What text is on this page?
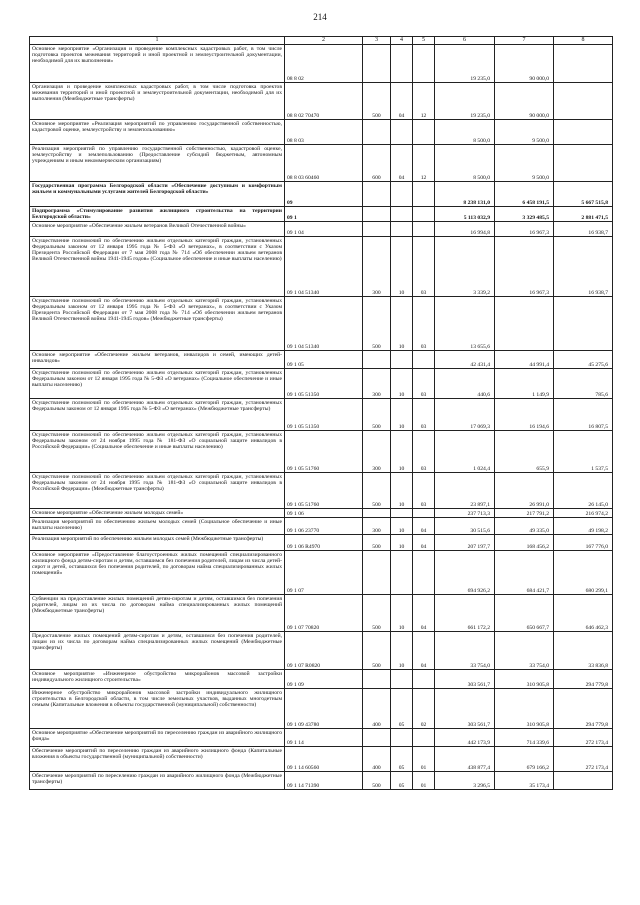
214
1	2	3	4	5	6	7	8
Основное мероприятие «Организация и проведение комплексных кадастровых работ, в том числе подготовка проектов межевания территорий и иной проектной и землеустроительной документации, необходимой для их выполнения»	08 8 02				19 235,0	90 000,0	
Организация и проведение комплексных кадастровых работ, в том числе подготовка проектов межевания территорий и иной проектной и землеустроительной документации, необходимой для их выполнения (Межбюджетные трансферты)	08 8 02 70470	500	04	12	19 235,0	90 000,0	
Основное мероприятие «Реализация мероприятий по управлению государственной собственностью, кадастровой оценке, землеустройству и землепользованию»	08 8 03				8 500,0	9 500,0	
Реализация мероприятий по управлению государственной собственностью, кадастровой оценке, землеустройству и землепользованию (Предоставление субсидий бюджетным, автономным учреждениям и иным некоммерческим организациям)	08 8 03 60460	600	04	12	8 500,0	9 500,0	
Государственная программа Белгородской области «Обеспечение доступным и комфортным жильем и коммунальными услугами жителей Белгородской области»	09				8 238 131,0	6 458 191,5	5 667 515,8
Подпрограмма «Стимулирование развития жилищного строительства на территории Белгородской области»	09 1				5 113 032,9	3 329 485,5	2 881 471,5
Основное мероприятие «Обеспечение жильем ветеранов Великой Отечественной войны»	09 1 04				16 994,8	16 967,3	16 938,7
Осуществление полномочий по обеспечению жильем отдельных категорий граждан, установленных Федеральным законом от 12 января 1995 года № 5-ФЗ «О ветеранах», в соответствии с Указом Президента Российской Федерации от 7 мая 2008 года № 714 «Об обеспечении жильем ветеранов Великой Отечественной войны 1941-1945 годов» (Социальное обеспечение и иные выплаты населению)	09 1 04 51340	300	10	03	3 339,2	16 967,3	16 938,7
Осуществление полномочий по обеспечению жильем отдельных категорий граждан, установленных Федеральным законом от 12 января 1995 года № 5-ФЗ «О ветеранах», в соответствии с Указом Президента Российской Федерации от 7 мая 2008 года № 714 «Об обеспечении жильем ветеранов Великой Отечественной войны 1941-1945 годов» (Межбюджетные трансферты)	09 1 04 51340	500	10	03	13 655,6		
Основное мероприятие «Обеспечение жильем ветеранов, инвалидов и семей, имеющих детей-инвалидов»	09 1 05				42 431,4	44 991,4	45 275,6
Осуществление полномочий по обеспечению жильем отдельных категорий граждан, установленных Федеральным законом от 12 января 1995 года № 5-ФЗ «О ветеранах» (Социальное обеспечение и иные выплаты населению)	09 1 05 51350	300	10	03	440,6	1 149,9	785,6
Осуществление полномочий по обеспечению жильем отдельных категорий граждан, установленных Федеральным законом от 12 января 1995 года № 5-ФЗ «О ветеранах» (Межбюджетные трансферты)	09 1 05 51350	500	10	03	17 069,3	16 194,6	16 807,5
Осуществление полномочий по обеспечению жильем отдельных категорий граждан, установленных Федеральным законом от 24 ноября 1995 года № 181-ФЗ «О социальной защите инвалидов в Российской Федерации» (Социальное обеспечение и иные выплаты населению)	09 1 05 51760	300	10	03	1 024,4	655,9	1 537,5
Осуществление полномочий по обеспечению жильем отдельных категорий граждан, установленных Федеральным законом от 24 ноября 1995 года № 181-ФЗ «О социальной защите инвалидов в Российской Федерации» (Межбюджетные трансферты)	09 1 05 51760	500	10	03	23 897,1	26 991,0	26 145,0
Основное мероприятие «Обеспечение жильем молодых семей»	09 1 06				237 713,3	217 791,2	216 974,2
Реализация мероприятий по обеспечению жильем молодых семей (Социальное обеспечение и иные выплаты населению)	09 1 06 23770	300	10	04	30 515,6	49 335,0	49 198,2
Реализация мероприятий по обеспечению жильем молодых семей (Межбюджетные трансферты)	09 1 06 R4970	500	10	04	207 197,7	168 456,2	167 776,0
Основное мероприятие «Предоставление благоустроенных жилых помещений специализированного жилищного фонда детям-сиротам и детям, оставшимся без попечения родителей, лицам из числа детей-сирот и детей, оставшихся без попечения родителей, по договорам найма специализированных жилых помещений»	09 1 07				694 926,2	684 421,7	680 299,1
Субвенции на предоставление жилых помещений детям-сиротам и детям, оставшимся без попечения родителей, лицам из их числа по договорам найма специализированных жилых помещений (Межбюджетные трансферты)	09 1 07 70820	500	10	04	661 172,2	650 667,7	646 462,3
Предоставление жилых помещений детям-сиротам и детям, оставшимся без попечения родителей, лицам из их числа по договорам найма специализированных жилых помещений (Межбюджетные трансферты)	09 1 07 R0820	500	10	04	33 754,0	33 754,0	33 836,8
Основное мероприятие «Инженерное обустройство микрорайонов массовой застройки индивидуального жилищного строительства»	09 1 09				303 561,7	310 905,8	294 779,8
Инженерное обустройство микрорайонов массовой застройки индивидуального жилищного строительства в Белгородской области, в том числе земельных участков, выданных многодетным семьям (Капитальные вложения в объекты государственной (муниципальной) собственности)	09 1 09 43780	400	05	02	303 561,7	310 905,8	294 779,8
Основное мероприятие «Обеспечение мероприятий по переселению граждан из аварийного жилищного фонда»	09 1 14				442 173,9	714 339,6	272 173,4
Обеспечение мероприятий по переселению граждан из аварийного жилищного фонда (Капитальные вложения в объекты государственной (муниципальной) собственности)	09 1 14 60560	400	05	01	438 877,4	679 166,2	272 173,4
Обеспечение мероприятий по переселению граждан из аварийного жилищного фонда (Межбюджетные трансферты)	09 1 14 71390	500	05	01	3 296,5	35 173,4	
